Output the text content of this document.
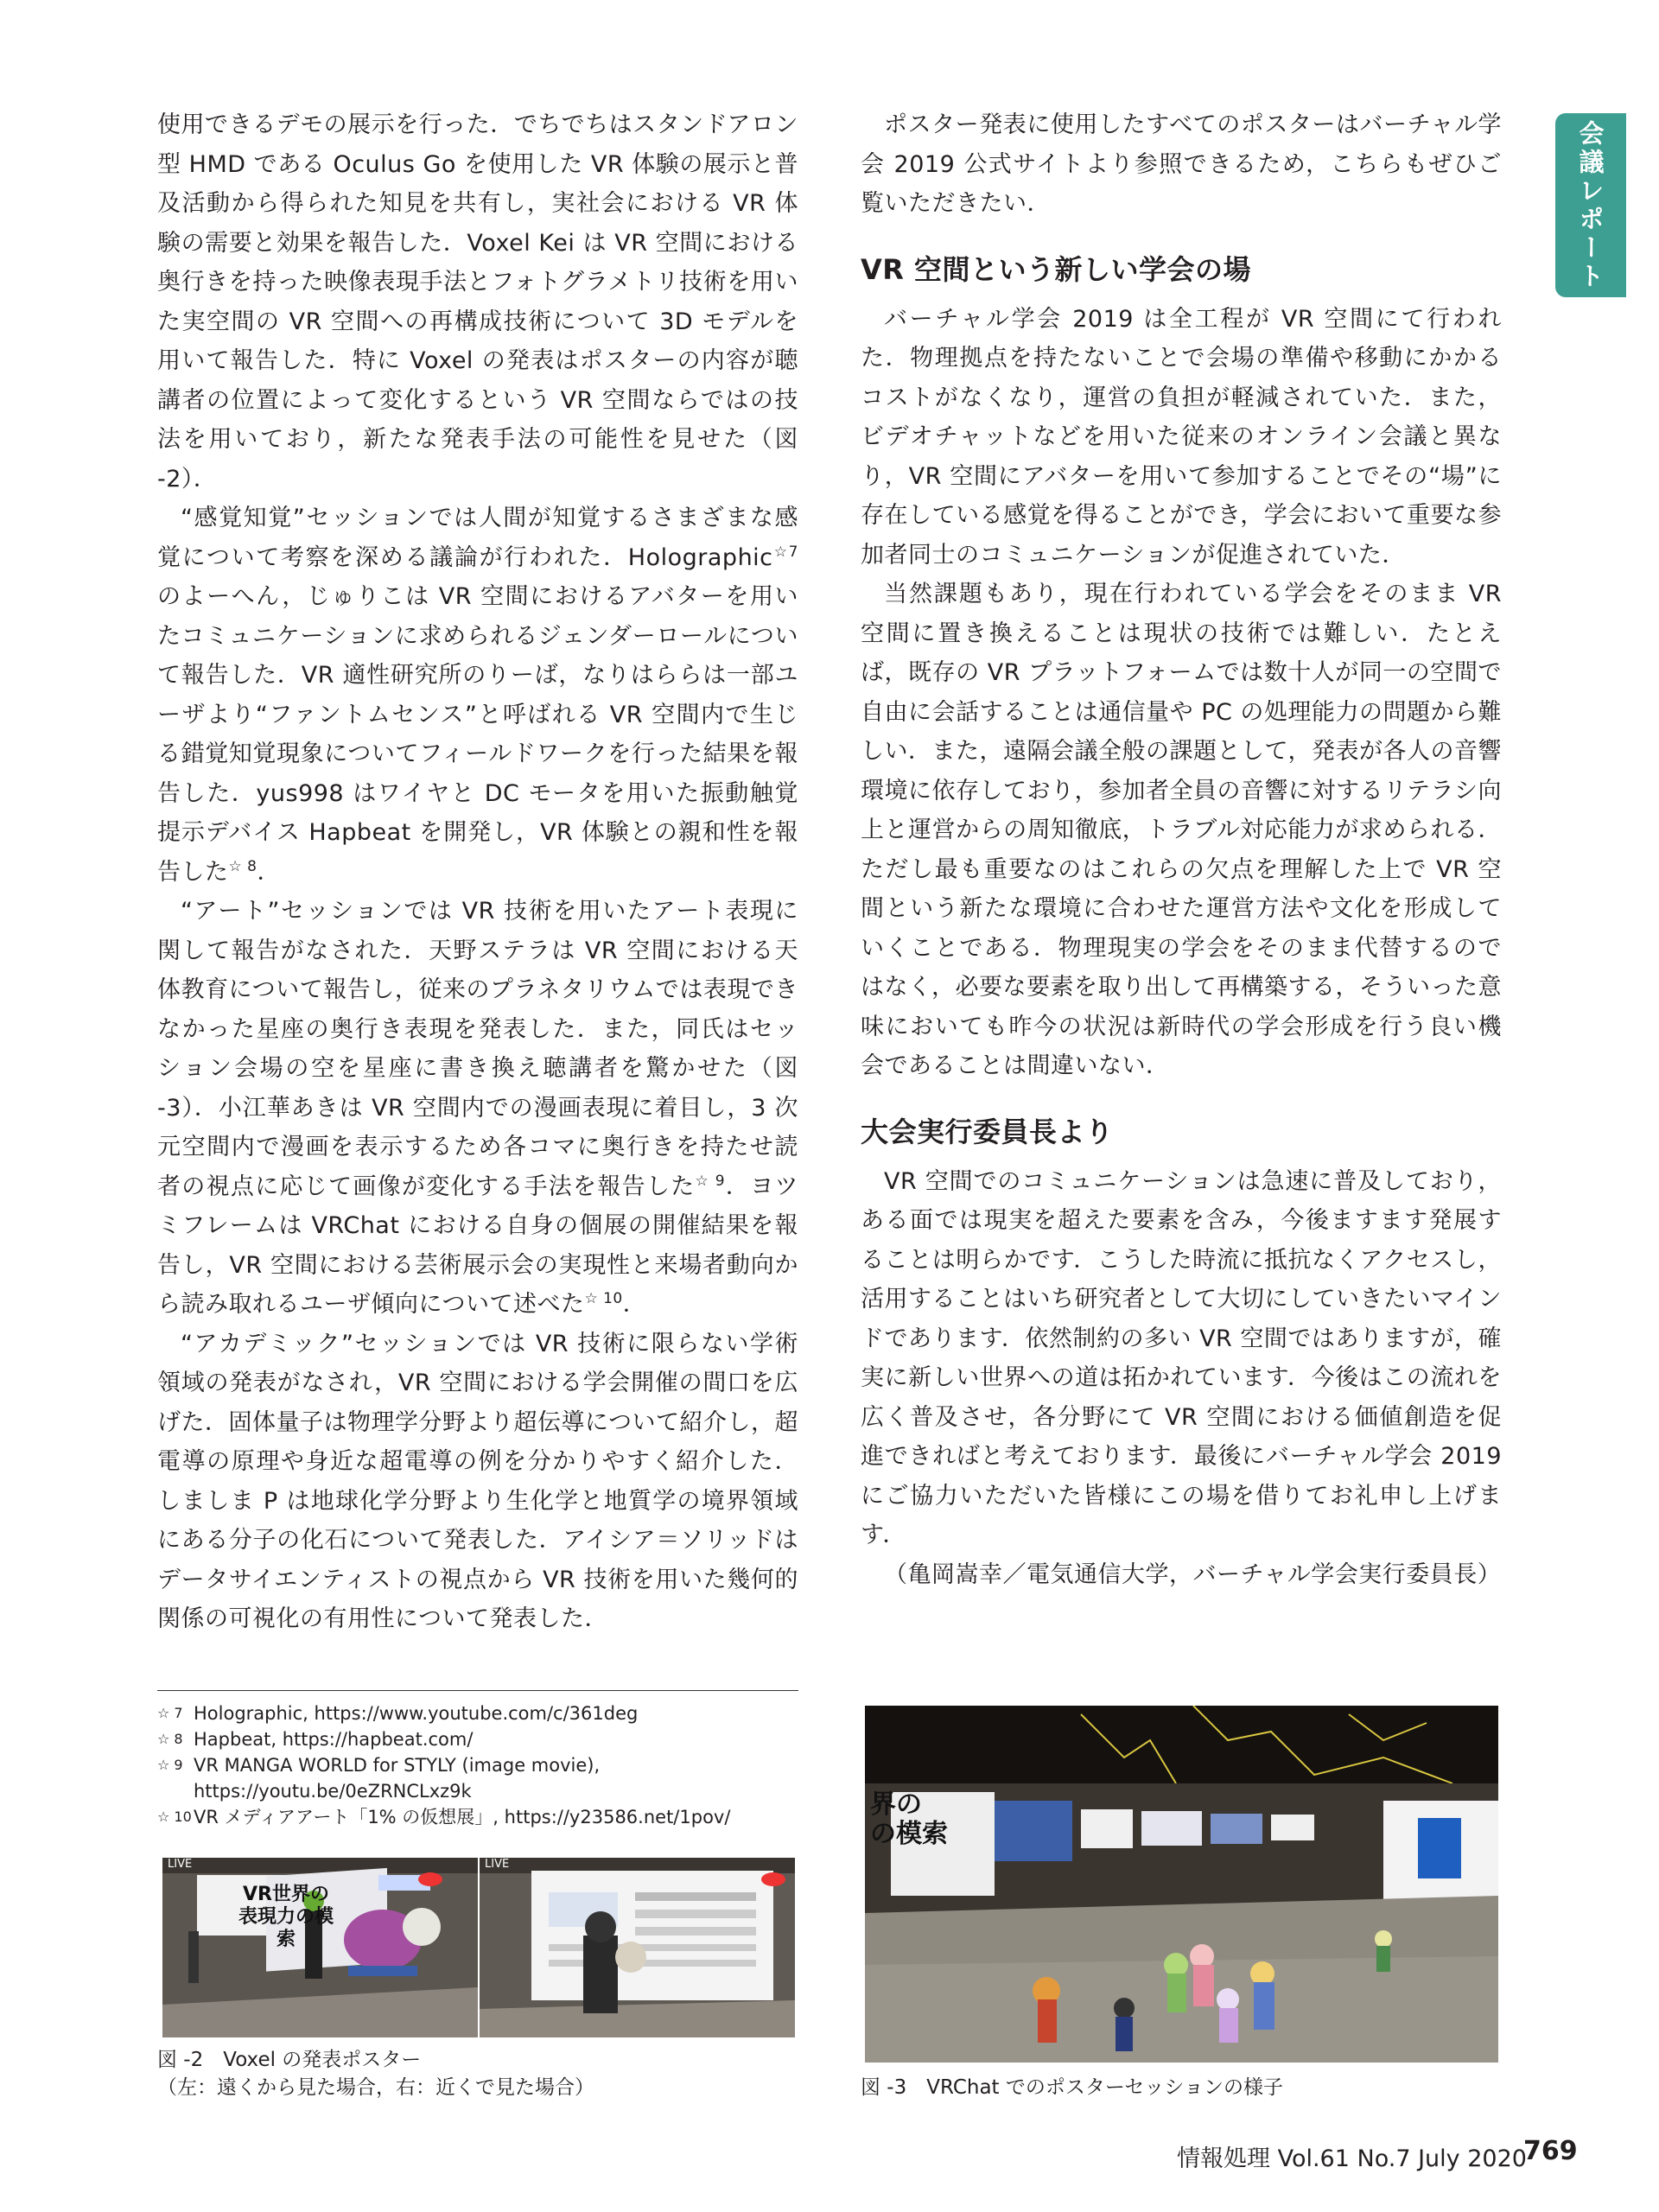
会議レポート

使用できるデモの展示を行った．でちでちはスタンドアロン型 HMD である Oculus Go を使用した VR 体験の展示と普及活動から得られた知見を共有し，実社会における VR 体験の需要と効果を報告した．Voxel Kei は VR 空間における奥行きを持った映像表現手法とフォトグラメトリ技術を用いた実空間の VR 空間への再構成技術について 3D モデルを用いて報告した．特に Voxel の発表はポスターの内容が聴講者の位置によって変化するという VR 空間ならではの技法を用いており，新たな発表手法の可能性を見せた（図 -2）．

“感覚知覚”セッションでは人間が知覚するさまざまな感覚について考察を深める議論が行われた．Holographic$^{☆7}$のよーへん，じゅりこは VR 空間におけるアバターを用いたコミュニケーションに求められるジェンダーロールについて報告した．VR 適性研究所のりーば，なりはららは一部ユーザより“ファントムセンス”と呼ばれる VR 空間内で生じる錯覚知覚現象についてフィールドワークを行った結果を報告した．yus998 はワイヤと DC モータを用いた振動触覚提示デバイス Hapbeat を開発し，VR 体験との親和性を報告した$^{☆ 8}$．

“アート”セッションでは VR 技術を用いたアート表現に関して報告がなされた．天野ステラは VR 空間における天体教育について報告し，従来のプラネタリウムでは表現できなかった星座の奥行き表現を発表した．また，同氏はセッション会場の空を星座に書き換え聴講者を驚かせた（図 -3）．小江華あきは VR 空間内での漫画表現に着目し，3 次元空間内で漫画を表示するため各コマに奥行きを持たせ読者の視点に応じて画像が変化する手法を報告した$^{☆ 9}$．ヨツミフレームは VRChat における自身の個展の開催結果を報告し，VR 空間における芸術展示会の実現性と来場者動向から読み取れるユーザ傾向について述べた$^{☆ 10}$．

“アカデミック”セッションでは VR 技術に限らない学術領域の発表がなされ，VR 空間における学会開催の間口を広げた．固体量子は物理学分野より超伝導について紹介し，超電導の原理や身近な超電導の例を分かりやすく紹介した．しましま P は地球化学分野より生化学と地質学の境界領域にある分子の化石について発表した．アイシア＝ソリッドはデータサイエンティストの視点から VR 技術を用いた幾何的関係の可視化の有用性について発表した．

☆ 7 Holographic, https://www.youtube.com/c/361deg
☆ 8 Hapbeat, https://hapbeat.com/
☆ 9 VR MANGA WORLD for STYLY (image movie), https://youtu.be/0eZRNCLxz9k
☆ 10 VR メディアアート「1% の仮想展」, https://y23586.net/1pov/
LIVE
VR世界の
表現力の模索
LIVE
図 -2　Voxel の発表ポスター
（左：遠くから見た場合，右：近くで見た場合）

ポスター発表に使用したすべてのポスターはバーチャル学会 2019 公式サイトより参照できるため，こちらもぜひご覧いただきたい．

VR 空間という新しい学会の場

バーチャル学会 2019 は全工程が VR 空間にて行われた．物理拠点を持たないことで会場の準備や移動にかかるコストがなくなり，運営の負担が軽減されていた．また，ビデオチャットなどを用いた従来のオンライン会議と異なり，VR 空間にアバターを用いて参加することでその“場”に存在している感覚を得ることができ，学会において重要な参加者同士のコミュニケーションが促進されていた．

当然課題もあり，現在行われている学会をそのまま VR 空間に置き換えることは現状の技術では難しい．たとえば，既存の VR プラットフォームでは数十人が同一の空間で自由に会話することは通信量や PC の処理能力の問題から難しい．また，遠隔会議全般の課題として，発表が各人の音響環境に依存しており，参加者全員の音響に対するリテラシ向上と運営からの周知徹底，トラブル対応能力が求められる．ただし最も重要なのはこれらの欠点を理解した上で VR 空間という新たな環境に合わせた運営方法や文化を形成していくことである．物理現実の学会をそのまま代替するのではなく，必要な要素を取り出して再構築する，そういった意味においても昨今の状況は新時代の学会形成を行う良い機会であることは間違いない．

大会実行委員長より

VR 空間でのコミュニケーションは急速に普及しており，ある面では現実を超えた要素を含み，今後ますます発展することは明らかです．こうした時流に抵抗なくアクセスし，活用することはいち研究者として大切にしていきたいマインドであります．依然制約の多い VR 空間ではありますが，確実に新しい世界への道は拓かれています．今後はこの流れを広く普及させ，各分野にて VR 空間における価値創造を促進できればと考えております．最後にバーチャル学会 2019 にご協力いただいた皆様にこの場を借りてお礼申し上げます．

（亀岡嵩幸／電気通信大学，バーチャル学会実行委員長）

界の
の模索
図 -3　VRChat でのポスターセッションの様子
情報処理 Vol.61 No.7 July 2020
769
